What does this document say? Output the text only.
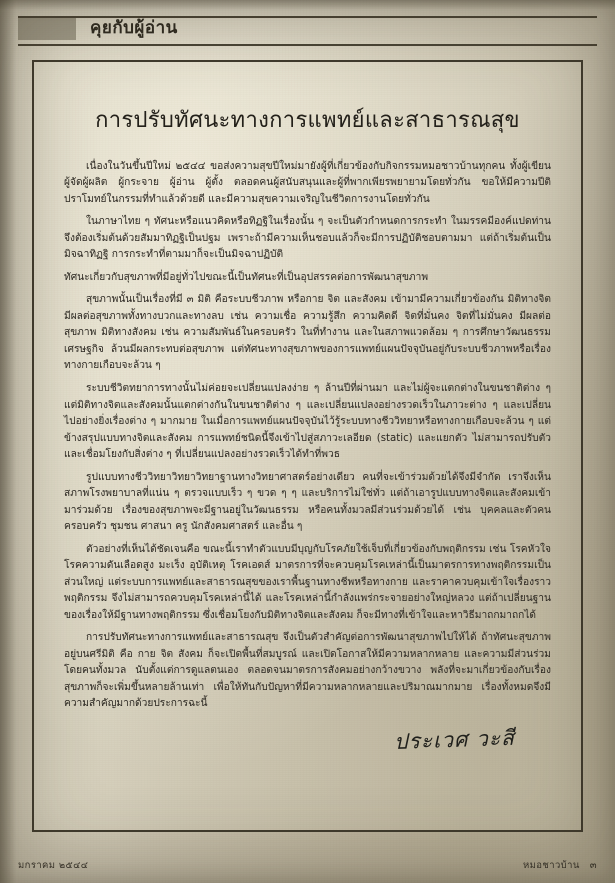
คุยกับผู้อ่าน
การปรับทัศนะทางการแพทย์และสาธารณสุข

เนื่องในวันขึ้นปีใหม่ ๒๕๔๔ ขอส่งความสุขปีใหม่มายังผู้ที่เกี่ยวข้องกับกิจกรรมหมอชาวบ้านทุกคน ทั้งผู้เขียน ผู้จัดผู้ผลิต ผู้กระจาย ผู้อ่าน ผู้ตั้ง ตลอดคนผู้สนับสนุนและผู้ที่พากเพียรพยายามโดยทั่วกัน ขอให้มีความปีติปราโมทย์ในกรรมที่ทำแล้วด้วยดี และมีความสุขความเจริญในชีวิตการงานโดยทั่วกัน

ในภาษาไทย ๆ ทัศนะหรือแนวคิดหรือทิฏฐิในเรื่องนั้น ๆ จะเป็นตัวกำหนดการกระทำ ในมรรคมีองค์แปดท่านจึงต้องเริ่มต้นด้วยสัมมาทิฏฐิเป็นปฐม เพราะถ้ามีความเห็นชอบแล้วก็จะมีการปฏิบัติชอบตามมา แต่ถ้าเริ่มต้นเป็นมิจฉาทิฏฐิ การกระทำที่ตามมาก็จะเป็นมิจฉาปฏิบัติ

ทัศนะเกี่ยวกับสุขภาพที่มีอยู่ทั่วไปขณะนี้เป็นทัศนะที่เป็นอุปสรรคต่อการพัฒนาสุขภาพ

สุขภาพนั้นเป็นเรื่องที่มี ๓ มิติ คือระบบชีวภาพ หรือกาย จิต และสังคม เข้ามามีความเกี่ยวข้องกัน มิติทางจิตมีผลต่อสุขภาพทั้งทางบวกและทางลบ เช่น ความเชื่อ ความรู้สึก ความคิดดี จิตที่มั่นคง จิตที่ไม่มั่นคง มีผลต่อสุขภาพ มิติทางสังคม เช่น ความสัมพันธ์ในครอบครัว ในที่ทำงาน และในสภาพแวดล้อม ๆ การศึกษาวัฒนธรรม เศรษฐกิจ ล้วนมีผลกระทบต่อสุขภาพ แต่ทัศนะทางสุขภาพของการแพทย์แผนปัจจุบันอยู่กับระบบชีวภาพหรือเรื่องทางกายเกือบจะล้วน ๆ

ระบบชีวิตทยาการทางนั้นไม่ค่อยจะเปลี่ยนแปลงง่าย ๆ ล้านปีที่ผ่านมา และไม่ผู้จะแตกต่างในขนชาติต่าง ๆ แต่มิติทางจิตและสังคมนั้นแตกต่างกันในขนชาติต่าง ๆ และเปลี่ยนแปลงอย่างรวดเร็วในภาวะต่าง ๆ และเปลี่ยนไปอย่างยิ่งเรื่องต่าง ๆ มากมาย ในเมื่อการแพทย์แผนปัจจุบันไว้รู้ระบบทางชีววิทยาหรือทางกายเกือบจะล้วน ๆ แต่ข้างสรุปแบบทางจิตและสังคม การแพทย์ชนิดนี้จึงเข้าไปสู่สภาวะเลอียด (static) และแยกตัว ไม่สามารถปรับตัวและเชื่อมโยงกับสิ่งต่าง ๆ ที่เปลี่ยนแปลงอย่างรวดเร็วได้ทำที่พวธ

รูปแบบทางชีววิทยาวิทยาวิทยาฐานทางวิทยาศาสตร์อย่างเดียว คนที่จะเข้าร่วมด้วยได้จึงมีจำกัด เราจึงเห็นสภาพโรงพยาบาลที่แน่น ๆ ตรวจแบบเร็ว ๆ ขวด ๆ ๆ และบริการไม่ใช่ทั่ว แต่ถ้าเอารูปแบบทางจิตและสังคมเข้ามาร่วมด้วย เรื่องของสุขภาพจะมีฐานอยู่ในวัฒนธรรม หรือคนทั้งมวลมีส่วนร่วมด้วยได้ เช่น บุคคลและตัวคน ครอบครัว ชุมชน ศาสนา ครู นักสังคมศาสตร์ และอื่น ๆ

ตัวอย่างที่เห็นได้ชัดเจนคือ ขณะนี้เราทำตัวแบบมีบุญกับโรคภัยใช้เจ็บที่เกี่ยวข้องกับพฤติกรรม เช่น โรคหัวใจ โรคความดันเลือดสูง มะเร็ง อุบัติเหตุ โรคเอดส์ มาตรการที่จะควบคุมโรคเหล่านี้เป็นมาตรการทางพฤติกรรมเป็นส่วนใหญ่ แต่ระบบการแพทย์และสาธารณสุขของเราพื้นฐานทางชีพหรือทางกาย และราคาควบคุมเข้าใจเรื่องราวพฤติกรรม จึงไม่สามารถควบคุมโรคเหล่านี้ได้ และโรคเหล่านี้กำลังแพร่กระจายอย่างใหญ่หลวง แต่ถ้าเปลี่ยนฐานของเรื่องให้มีฐานทางพฤติกรรม ซึ่งเชื่อมโยงกับมิติทางจิตและสังคม ก็จะมีทางที่เข้าใจและหาวิธีมาถกมาถกได้

การปรับทัศนะทางการแพทย์และสาธารณสุข จึงเป็นตัวสำคัญต่อการพัฒนาสุขภาพไปให้ได้ ถ้าทัศนะสุขภาพอยู่บนศรีมิติ คือ กาย จิต สังคม ก็จะเปิดพื้นที่สมบูรณ์ และเปิดโอกาสให้มีความหลากหลาย และความมีส่วนร่วมโดยคนทั้งมวล นับตั้งแต่การดูแลตนเอง ตลอดจนมาตรการสังคมอย่างกว้างขวาง พลังที่จะมาเกี่ยวข้องกับเรื่องสุขภาพก็จะเพิ่มขึ้นหลายล้านเท่า เพื่อให้ทันกับปัญหาที่มีความหลากหลายและปริมาณมากมาย เรื่องทั้งหมดจึงมีความสำคัญมากด้วยประการฉะนี้

ประเวศ วะสี
มกราคม ๒๕๔๔	หมอชาวบ้าน ๓
